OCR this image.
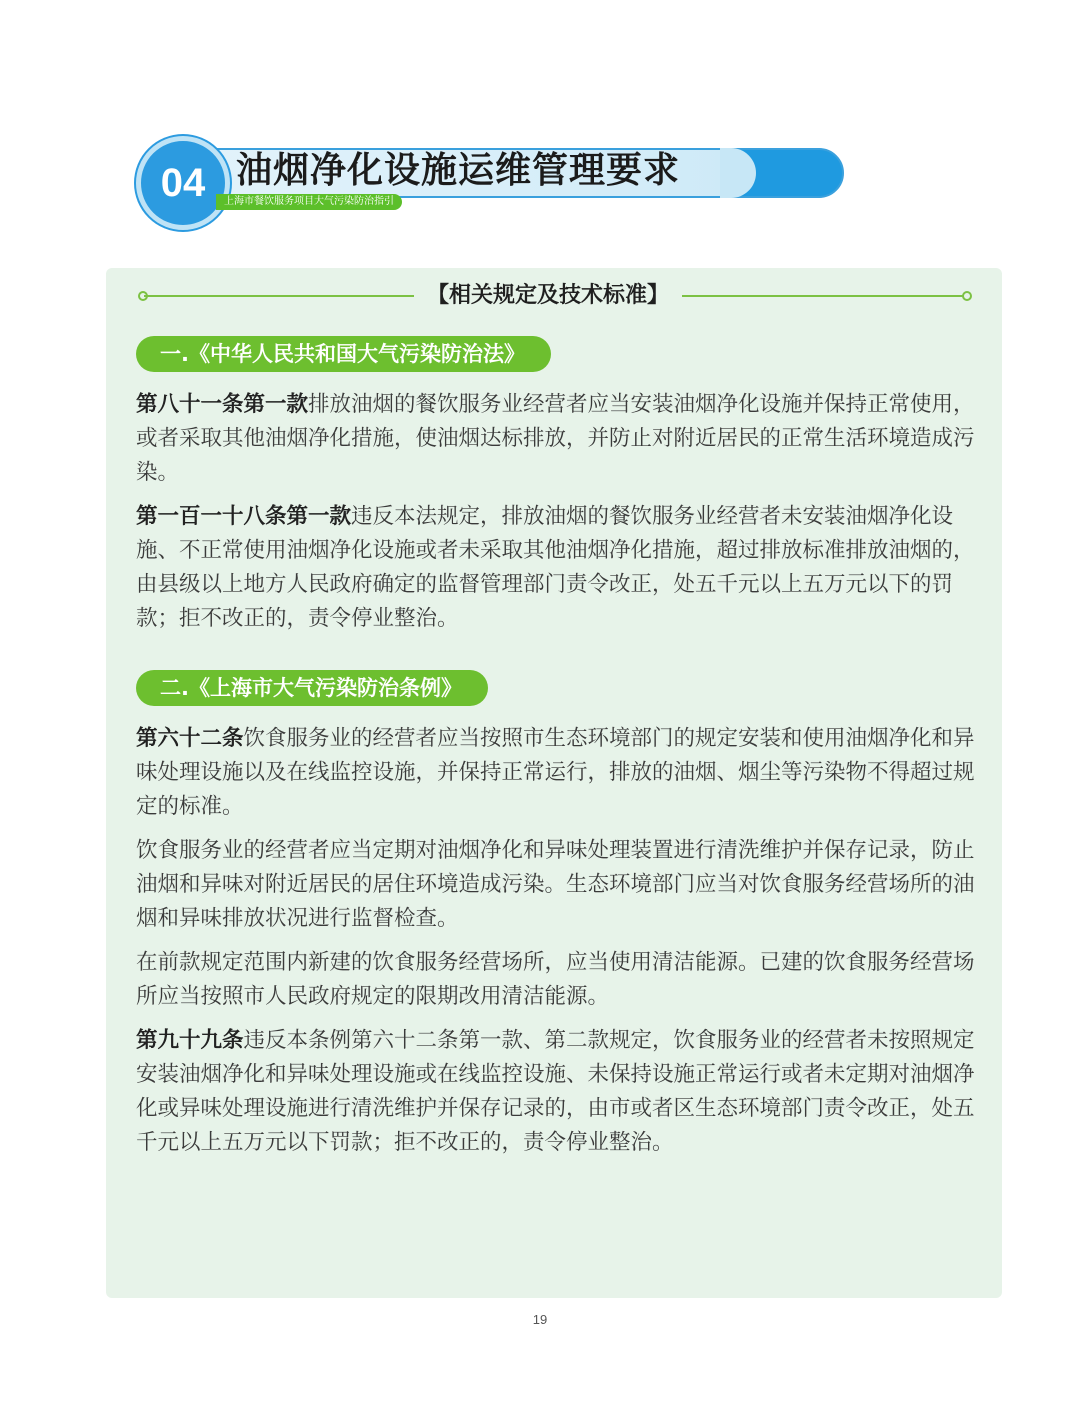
04 油烟净化设施运维管理要求
上海市餐饮服务项目大气污染防治指引
【相关规定及技术标准】
一.《中华人民共和国大气污染防治法》

第八十一条第一款排放油烟的餐饮服务业经营者应当安装油烟净化设施并保持正常使用，或者采取其他油烟净化措施，使油烟达标排放，并防止对附近居民的正常生活环境造成污染。

第一百一十八条第一款违反本法规定，排放油烟的餐饮服务业经营者未安装油烟净化设施、不正常使用油烟净化设施或者未采取其他油烟净化措施，超过排放标准排放油烟的，由县级以上地方人民政府确定的监督管理部门责令改正，处五千元以上五万元以下的罚款；拒不改正的，责令停业整治。

二.《上海市大气污染防治条例》

第六十二条饮食服务业的经营者应当按照市生态环境部门的规定安装和使用油烟净化和异味处理设施以及在线监控设施，并保持正常运行，排放的油烟、烟尘等污染物不得超过规定的标准。

饮食服务业的经营者应当定期对油烟净化和异味处理装置进行清洗维护并保存记录，防止油烟和异味对附近居民的居住环境造成污染。生态环境部门应当对饮食服务经营场所的油烟和异味排放状况进行监督检查。

在前款规定范围内新建的饮食服务经营场所，应当使用清洁能源。已建的饮食服务经营场所应当按照市人民政府规定的限期改用清洁能源。

第九十九条违反本条例第六十二条第一款、第二款规定，饮食服务业的经营者未按照规定安装油烟净化和异味处理设施或在线监控设施、未保持设施正常运行或者未定期对油烟净化或异味处理设施进行清洗维护并保存记录的，由市或者区生态环境部门责令改正，处五千元以上五万元以下罚款；拒不改正的，责令停业整治。

19
